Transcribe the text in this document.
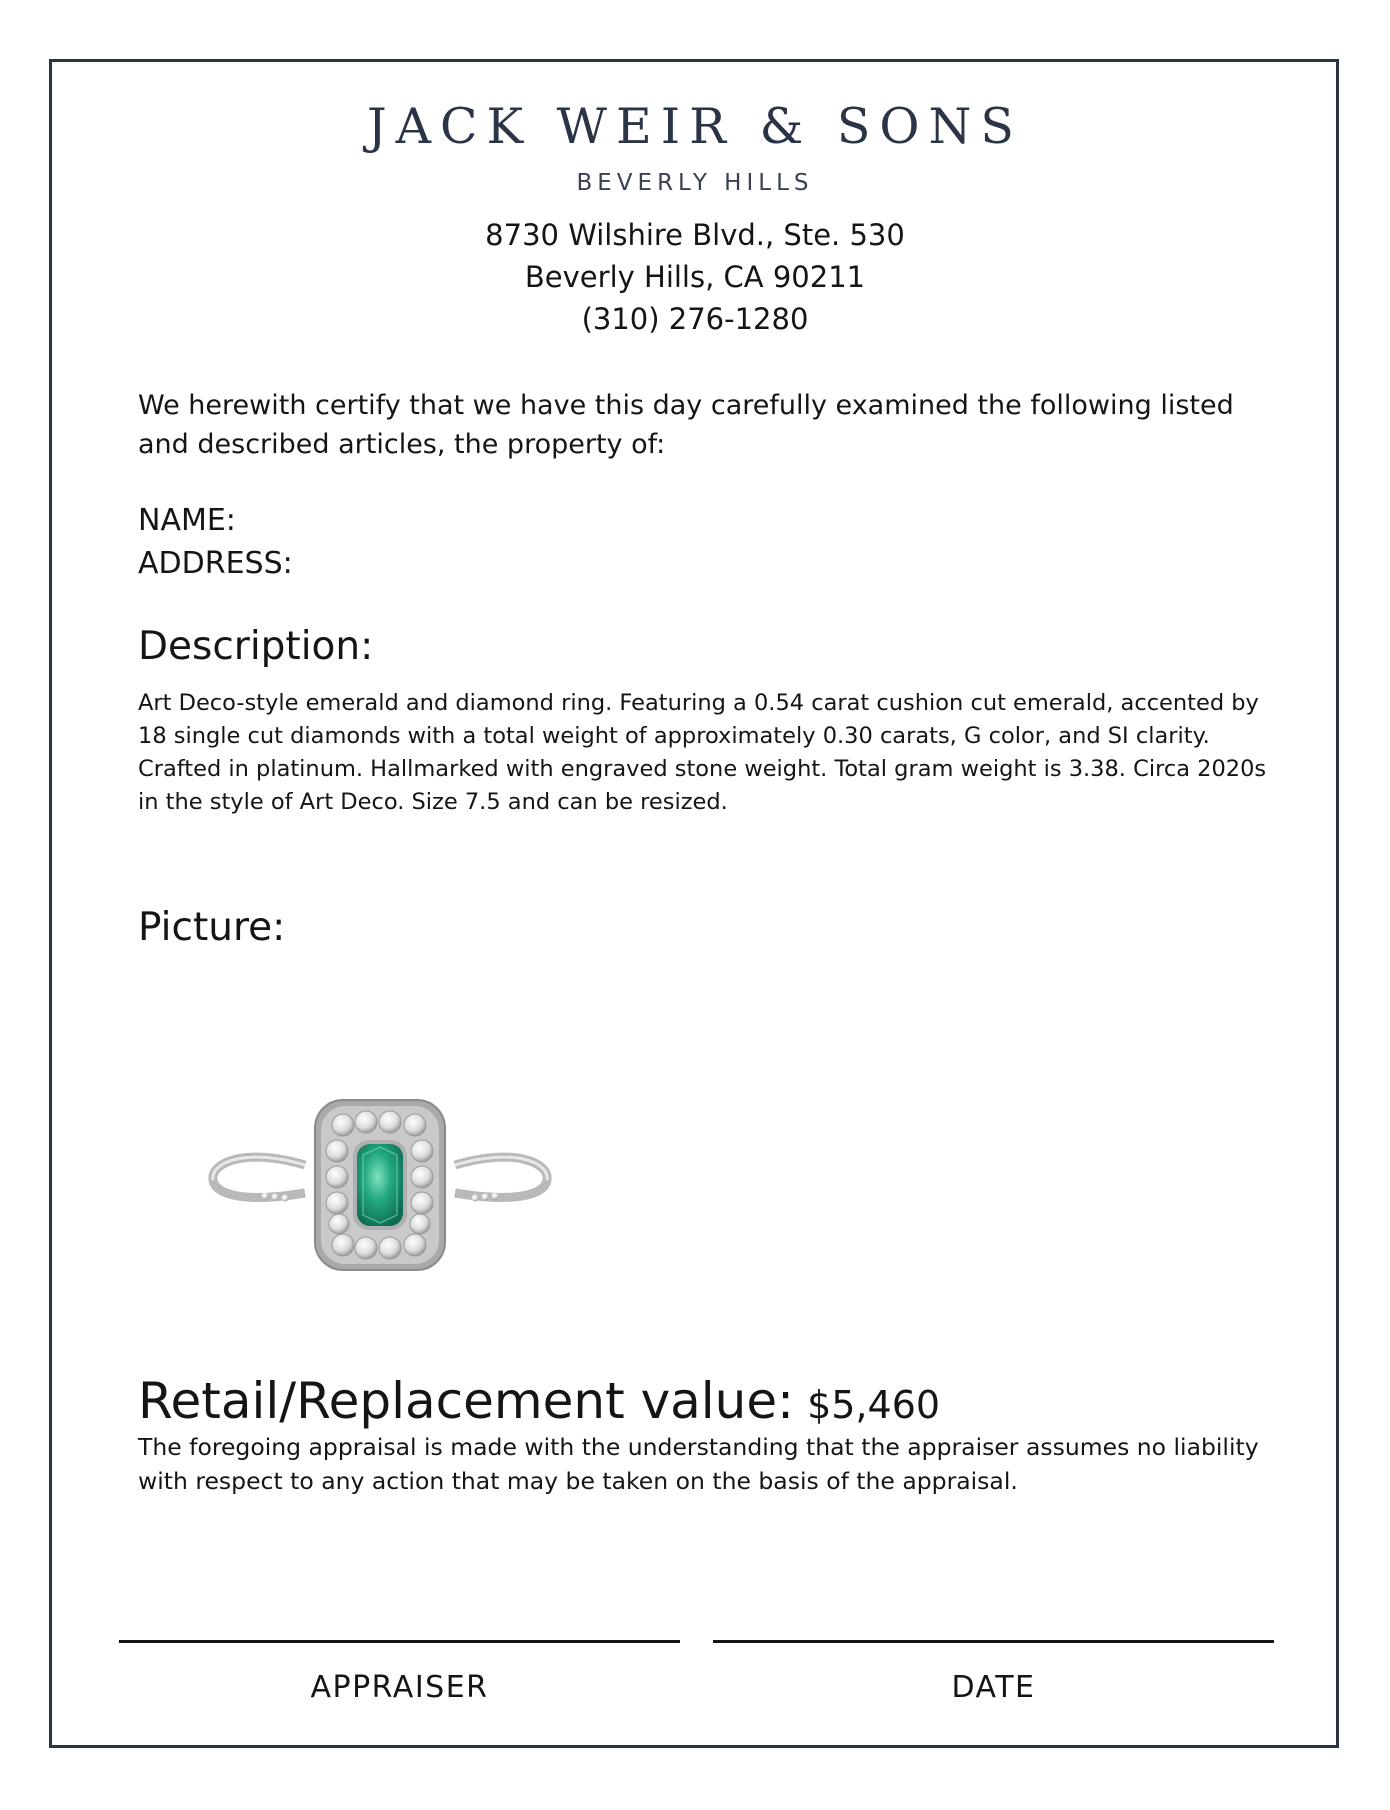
JACK WEIR & SONS
BEVERLY HILLS
8730 Wilshire Blvd., Ste. 530
Beverly Hills, CA 90211
(310) 276-1280
We herewith certify that we have this day carefully examined the following listed and described articles, the property of:
NAME:
ADDRESS:
Description:
Art Deco-style emerald and diamond ring. Featuring a 0.54 carat cushion cut emerald, accented by 18 single cut diamonds with a total weight of approximately 0.30 carats, G color, and SI clarity. Crafted in platinum. Hallmarked with engraved stone weight. Total gram weight is 3.38. Circa 2020s in the style of Art Deco. Size 7.5 and can be resized.
Picture:
Retail/Replacement value: $5,460
The foregoing appraisal is made with the understanding that the appraiser assumes no liability with respect to any action that may be taken on the basis of the appraisal.
APPRAISER	DATE
